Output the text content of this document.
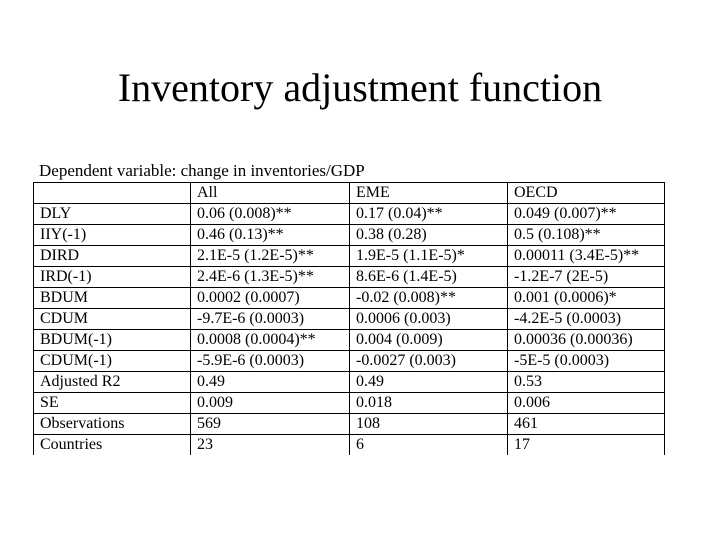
Inventory adjustment function
Dependent variable: change in inventories/GDP
	All	EME	OECD
DLY	0.06 (0.008)**	0.17 (0.04)**	0.049 (0.007)**
IIY(-1)	0.46 (0.13)**	0.38 (0.28)	0.5 (0.108)**
DIRD	2.1E-5 (1.2E-5)**	1.9E-5 (1.1E-5)*	0.00011 (3.4E-5)**
IRD(-1)	2.4E-6 (1.3E-5)**	8.6E-6 (1.4E-5)	-1.2E-7 (2E-5)
BDUM	0.0002 (0.0007)	-0.02 (0.008)**	0.001 (0.0006)*
CDUM	-9.7E-6 (0.0003)	0.0006 (0.003)	-4.2E-5 (0.0003)
BDUM(-1)	0.0008 (0.0004)**	0.004 (0.009)	0.00036 (0.00036)
CDUM(-1)	-5.9E-6 (0.0003)	-0.0027 (0.003)	-5E-5 (0.0003)
Adjusted R2	0.49	0.49	0.53
SE	0.009	0.018	0.006
Observations	569	108	461
Countries	23	6	17
